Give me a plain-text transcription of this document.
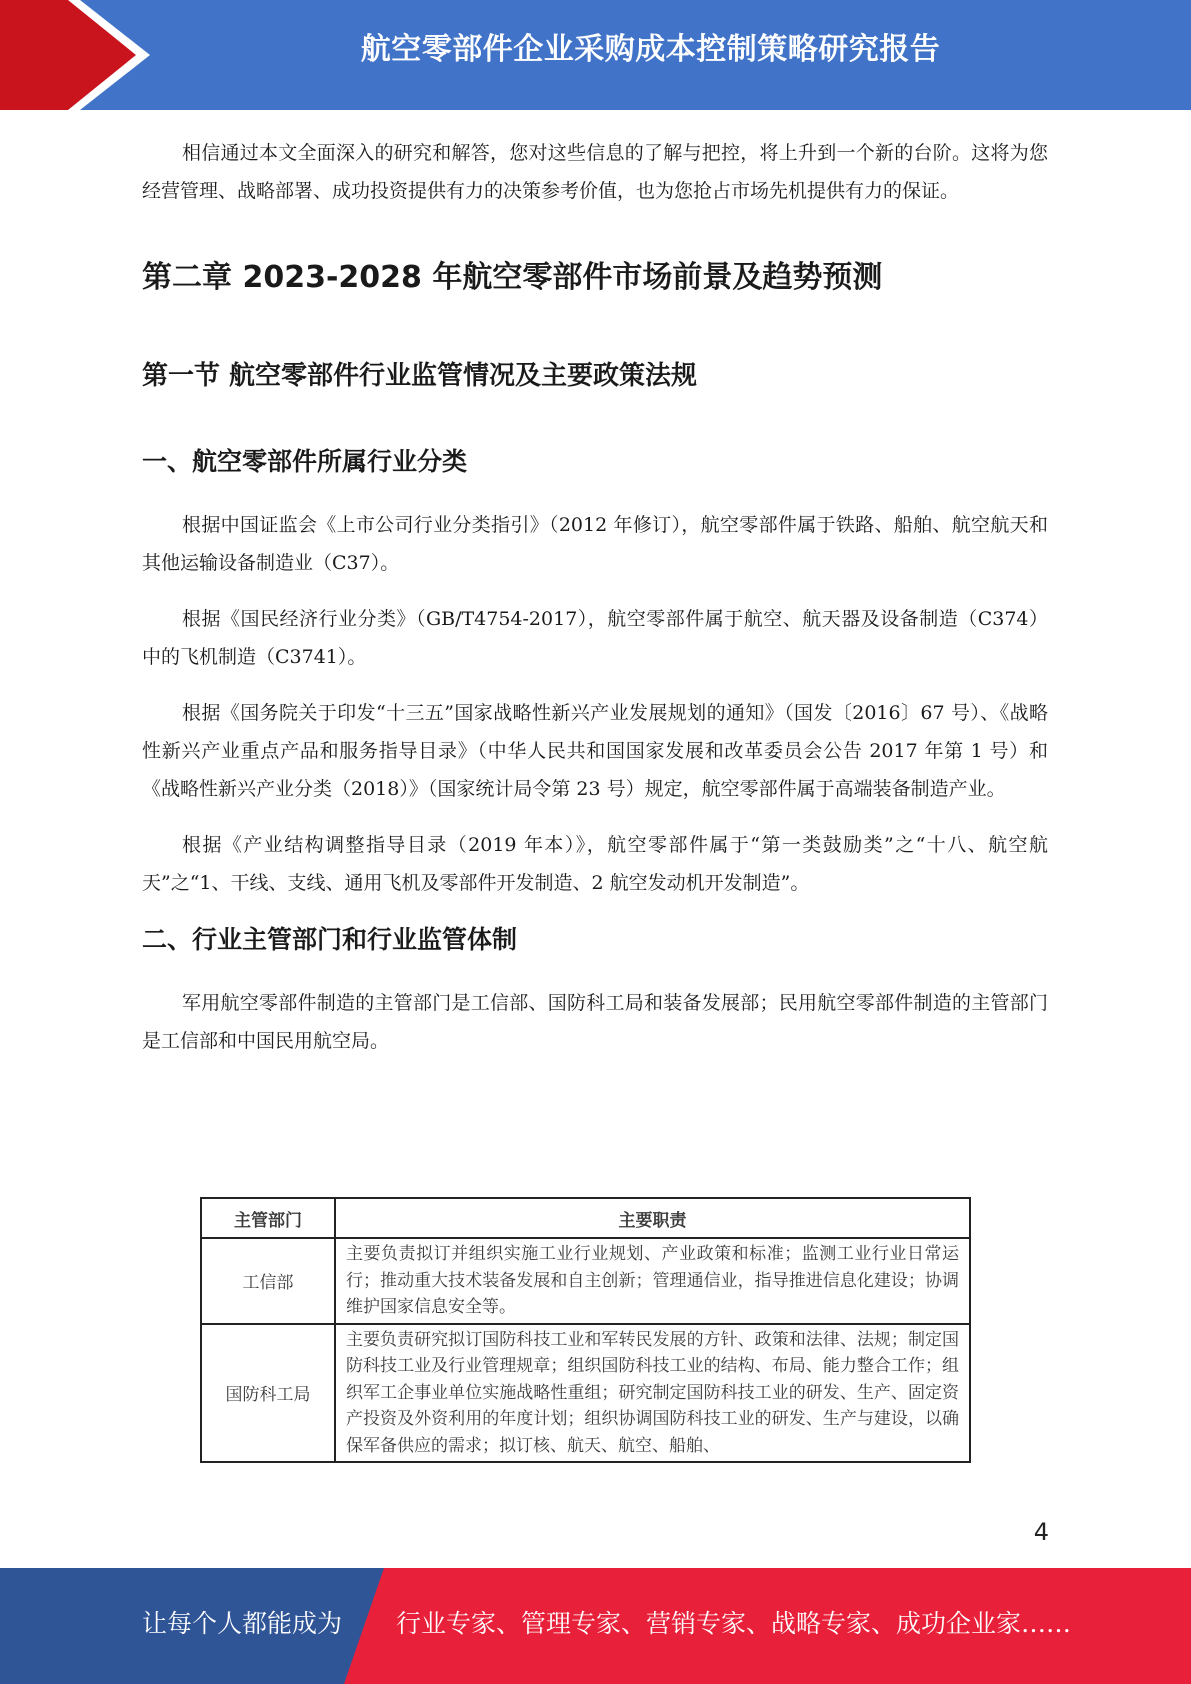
航空零部件企业采购成本控制策略研究报告

相信通过本文全面深入的研究和解答，您对这些信息的了解与把控，将上升到一个新的台阶。这将为您经营管理、战略部署、成功投资提供有力的决策参考价值，也为您抢占市场先机提供有力的保证。

第二章 2023-2028 年航空零部件市场前景及趋势预测
第一节 航空零部件行业监管情况及主要政策法规
一、航空零部件所属行业分类

根据中国证监会《上市公司行业分类指引》（2012 年修订），航空零部件属于铁路、船舶、航空航天和其他运输设备制造业（C37）。

根据《国民经济行业分类》（GB/T4754-2017），航空零部件属于航空、航天器及设备制造（C374）中的飞机制造（C3741）。

根据《国务院关于印发“十三五”国家战略性新兴产业发展规划的通知》（国发〔2016〕67 号）、《战略性新兴产业重点产品和服务指导目录》（中华人民共和国国家发展和改革委员会公告 2017 年第 1 号）和《战略性新兴产业分类（2018）》（国家统计局令第 23 号）规定，航空零部件属于高端装备制造产业。

根据《产业结构调整指导目录（2019 年本）》，航空零部件属于“第一类鼓励类”之“十八、航空航天”之“1、干线、支线、通用飞机及零部件开发制造、2 航空发动机开发制造”。

二、行业主管部门和行业监管体制

军用航空零部件制造的主管部门是工信部、国防科工局和装备发展部；民用航空零部件制造的主管部门是工信部和中国民用航空局。

主管部门	主要职责
工信部	主要负责拟订并组织实施工业行业规划、产业政策和标准；监测工业行业日常运行；推动重大技术装备发展和自主创新；管理通信业，指导推进信息化建设；协调维护国家信息安全等。
国防科工局	主要负责研究拟订国防科技工业和军转民发展的方针、政策和法律、法规；制定国防科技工业及行业管理规章；组织国防科技工业的结构、布局、能力整合工作；组织军工企事业单位实施战略性重组；研究制定国防科技工业的研发、生产、固定资产投资及外资利用的年度计划；组织协调国防科技工业的研发、生产与建设，以确保军备供应的需求；拟订核、航天、航空、船舶、
4
让每个人都能成为 行业专家、管理专家、营销专家、战略专家、成功企业家……
